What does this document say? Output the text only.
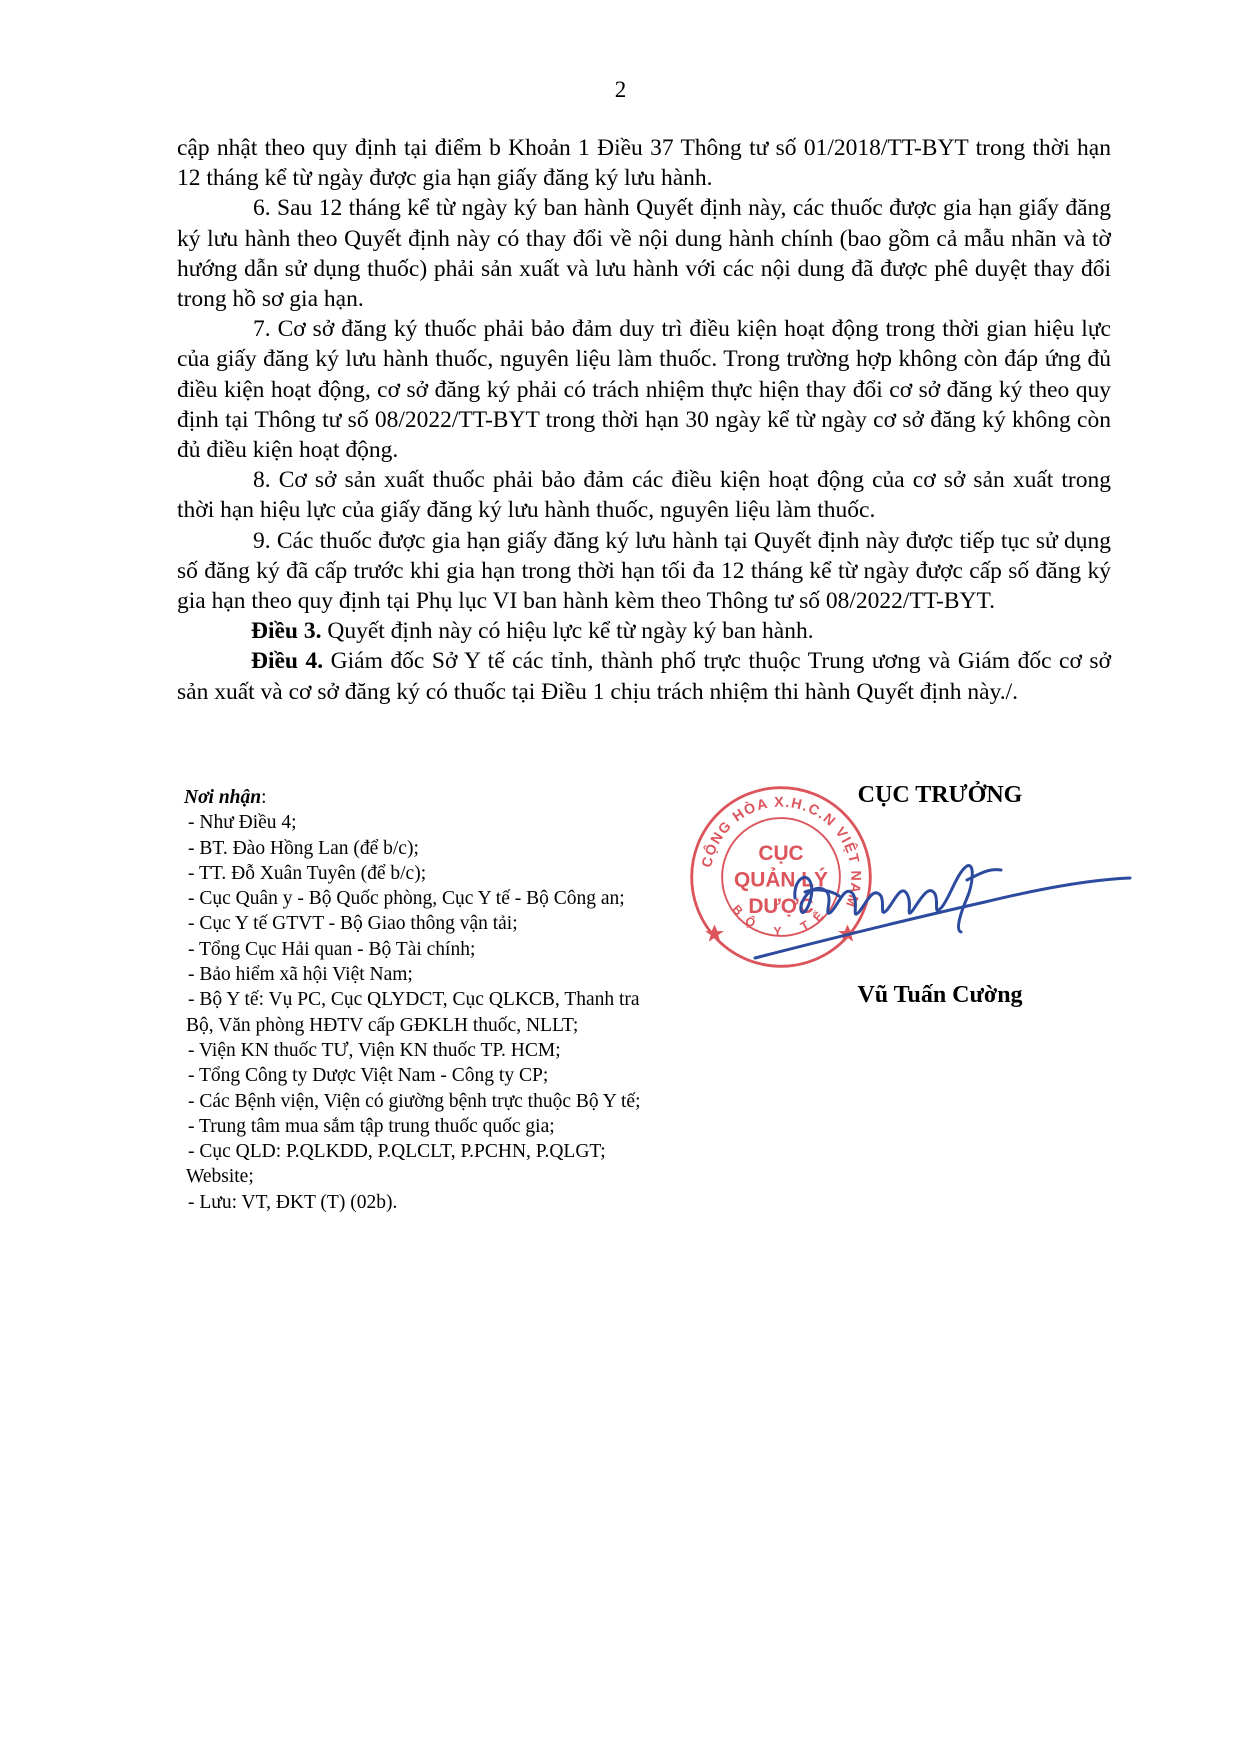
2

cập nhật theo quy định tại điểm b Khoản 1 Điều 37 Thông tư số 01/2018/TT-BYT trong thời hạn 12 tháng kể từ ngày được gia hạn giấy đăng ký lưu hành.

6. Sau 12 tháng kể từ ngày ký ban hành Quyết định này, các thuốc được gia hạn giấy đăng ký lưu hành theo Quyết định này có thay đổi về nội dung hành chính (bao gồm cả mẫu nhãn và tờ hướng dẫn sử dụng thuốc) phải sản xuất và lưu hành với các nội dung đã được phê duyệt thay đổi trong hồ sơ gia hạn.

7. Cơ sở đăng ký thuốc phải bảo đảm duy trì điều kiện hoạt động trong thời gian hiệu lực của giấy đăng ký lưu hành thuốc, nguyên liệu làm thuốc. Trong trường hợp không còn đáp ứng đủ điều kiện hoạt động, cơ sở đăng ký phải có trách nhiệm thực hiện thay đổi cơ sở đăng ký theo quy định tại Thông tư số 08/2022/TT-BYT trong thời hạn 30 ngày kể từ ngày cơ sở đăng ký không còn đủ điều kiện hoạt động.

8. Cơ sở sản xuất thuốc phải bảo đảm các điều kiện hoạt động của cơ sở sản xuất trong thời hạn hiệu lực của giấy đăng ký lưu hành thuốc, nguyên liệu làm thuốc.

9. Các thuốc được gia hạn giấy đăng ký lưu hành tại Quyết định này được tiếp tục sử dụng số đăng ký đã cấp trước khi gia hạn trong thời hạn tối đa 12 tháng kể từ ngày được cấp số đăng ký gia hạn theo quy định tại Phụ lục VI ban hành kèm theo Thông tư số 08/2022/TT-BYT.

Điều 3. Quyết định này có hiệu lực kể từ ngày ký ban hành.

Điều 4. Giám đốc Sở Y tế các tỉnh, thành phố trực thuộc Trung ương và Giám đốc cơ sở sản xuất và cơ sở đăng ký có thuốc tại Điều 1 chịu trách nhiệm thi hành Quyết định này./.

Nơi nhận:
- Như Điều 4;
- BT. Đào Hồng Lan (để b/c);
- TT. Đỗ Xuân Tuyên (để b/c);
- Cục Quân y - Bộ Quốc phòng, Cục Y tế - Bộ Công an;
- Cục Y tế GTVT - Bộ Giao thông vận tải;
- Tổng Cục Hải quan - Bộ Tài chính;
- Bảo hiểm xã hội Việt Nam;
- Bộ Y tế: Vụ PC, Cục QLYDCT, Cục QLKCB, Thanh tra
Bộ, Văn phòng HĐTV cấp GĐKLH thuốc, NLLT;
- Viện KN thuốc TƯ, Viện KN thuốc TP. HCM;
- Tổng Công ty Dược Việt Nam - Công ty CP;
- Các Bệnh viện, Viện có giường bệnh trực thuộc Bộ Y tế;
- Trung tâm mua sắm tập trung thuốc quốc gia;
- Cục QLD: P.QLKDD, P.QLCLT, P.PCHN, P.QLGT;
Website;
- Lưu: VT, ĐKT (T) (02b).
CỘNG HÒA X.H.C.N VIỆT NAM
BỘ Y TẾ
CỤC
QUẢN LÝ
DƯỢC
CỤC TRƯỞNG
Vũ Tuấn Cường
